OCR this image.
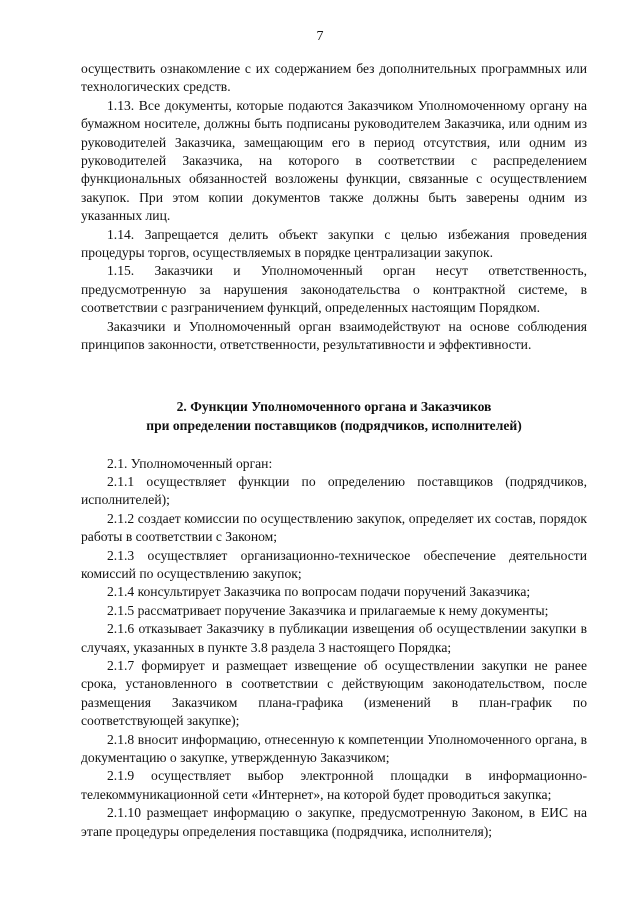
7

осуществить ознакомление с их содержанием без дополнительных программных или технологических средств.

1.13. Все документы, которые подаются Заказчиком Уполномоченному органу на бумажном носителе, должны быть подписаны руководителем Заказчика, или одним из руководителей Заказчика, замещающим его в период отсутствия, или одним из руководителей Заказчика, на которого в соответствии с распределением функциональных обязанностей возложены функции, связанные с осуществлением закупок. При этом копии документов также должны быть заверены одним из указанных лиц.

1.14. Запрещается делить объект закупки с целью избежания проведения процедуры торгов, осуществляемых в порядке централизации закупок.

1.15. Заказчики и Уполномоченный орган несут ответственность, предусмотренную за нарушения законодательства о контрактной системе, в соответствии с разграничением функций, определенных настоящим Порядком.

Заказчики и Уполномоченный орган взаимодействуют на основе соблюдения принципов законности, ответственности, результативности и эффективности.

2. Функции Уполномоченного органа и Заказчиков
при определении поставщиков (подрядчиков, исполнителей)

2.1. Уполномоченный орган:

2.1.1 осуществляет функции по определению поставщиков (подрядчиков, исполнителей);

2.1.2 создает комиссии по осуществлению закупок, определяет их состав, порядок работы в соответствии с Законом;

2.1.3 осуществляет организационно-техническое обеспечение деятельности комиссий по осуществлению закупок;

2.1.4 консультирует Заказчика по вопросам подачи поручений Заказчика;

2.1.5 рассматривает поручение Заказчика и прилагаемые к нему документы;

2.1.6 отказывает Заказчику в публикации извещения об осуществлении закупки в случаях, указанных в пункте 3.8 раздела 3 настоящего Порядка;

2.1.7 формирует и размещает извещение об осуществлении закупки не ранее срока, установленного в соответствии с действующим законодательством, после размещения Заказчиком плана-графика (изменений в план-график по соответствующей закупке);

2.1.8 вносит информацию, отнесенную к компетенции Уполномоченного органа, в документацию о закупке, утвержденную Заказчиком;

2.1.9 осуществляет выбор электронной площадки в информационно-телекоммуникационной сети «Интернет», на которой будет проводиться закупка;

2.1.10 размещает информацию о закупке, предусмотренную Законом, в ЕИС на этапе процедуры определения поставщика (подрядчика, исполнителя);
